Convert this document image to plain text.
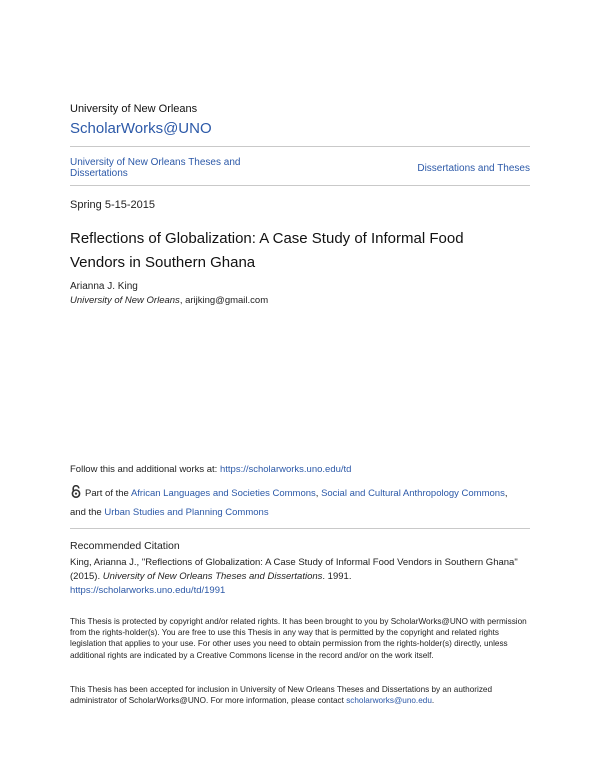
University of New Orleans
ScholarWorks@UNO
University of New Orleans Theses and Dissertations	Dissertations and Theses
Spring 5-15-2015
Reflections of Globalization: A Case Study of Informal Food Vendors in Southern Ghana
Arianna J. King
University of New Orleans, arijking@gmail.com
Follow this and additional works at: https://scholarworks.uno.edu/td
Part of the African Languages and Societies Commons, Social and Cultural Anthropology Commons,
and the Urban Studies and Planning Commons
Recommended Citation
King, Arianna J., "Reflections of Globalization: A Case Study of Informal Food Vendors in Southern Ghana" (2015). University of New Orleans Theses and Dissertations. 1991.
https://scholarworks.uno.edu/td/1991
This Thesis is protected by copyright and/or related rights. It has been brought to you by ScholarWorks@UNO with permission from the rights-holder(s). You are free to use this Thesis in any way that is permitted by the copyright and related rights legislation that applies to your use. For other uses you need to obtain permission from the rights-holder(s) directly, unless additional rights are indicated by a Creative Commons license in the record and/or on the work itself.
This Thesis has been accepted for inclusion in University of New Orleans Theses and Dissertations by an authorized administrator of ScholarWorks@UNO. For more information, please contact scholarworks@uno.edu.
